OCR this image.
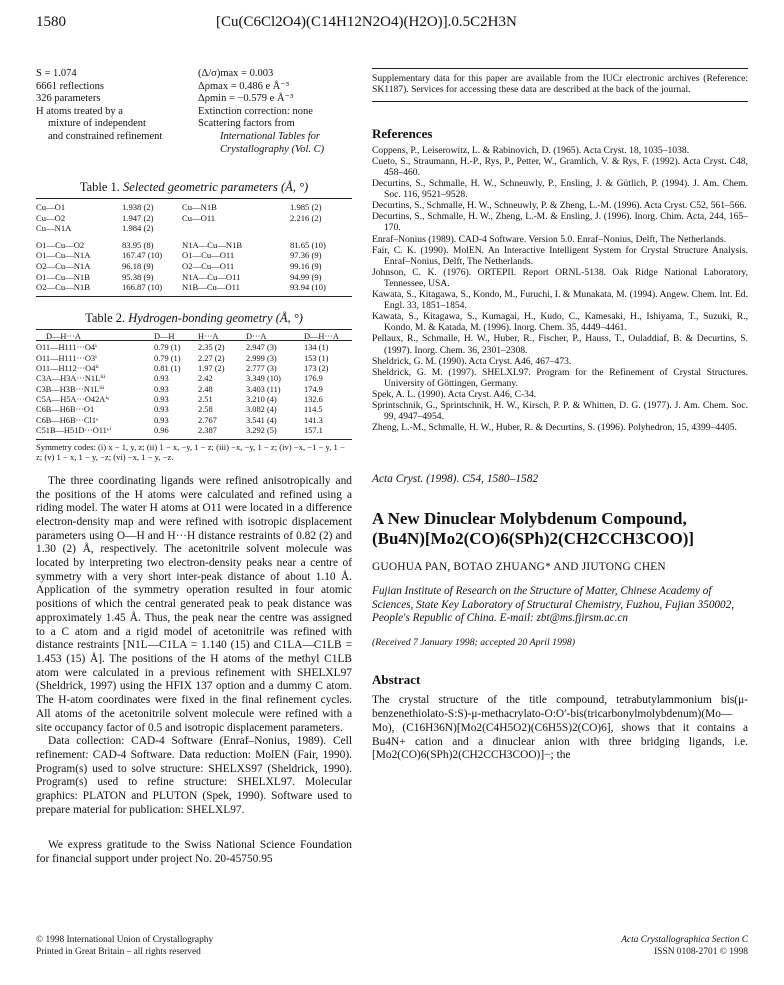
1580	[Cu(C6Cl2O4)(C14H12N2O4)(H2O)].0.5C2H3N
S = 1.074
6661 reflections
326 parameters
H atoms treated by a
mixture of independent
and constrained refinement
(Δ/σ)max = 0.003
Δρmax = 0.486 e Å⁻³
Δρmin = −0.579 e Å⁻³
Extinction correction: none
Scattering factors from
International Tables for
Crystallography (Vol. C)
Table 1. Selected geometric parameters (Å, °)
Cu—O1	1.938 (2)	Cu—N1B	1.985 (2)
Cu—O2	1.947 (2)	Cu—O11	2.216 (2)
Cu—N1A	1.984 (2)
O1—Cu—O2	83.95 (8)	N1A—Cu—N1B	81.65 (10)
O1—Cu—N1A	167.47 (10)	O1—Cu—O11	97.36 (9)
O2—Cu—N1A	96.18 (9)	O2—Cu—O11	99.16 (9)
O1—Cu—N1B	95.38 (9)	N1A—Cu—O11	94.99 (9)
O2—Cu—N1B	166.87 (10)	N1B—Cu—O11	93.94 (10)
Table 2. Hydrogen-bonding geometry (Å, °)
D—H···A	D—H	H···A	D···A	D—H···A
O11—H111···O4ⁱ	0.79 (1)	2.35 (2)	2.947 (3)	134 (1)
O11—H111···O3ⁱ	0.79 (1)	2.27 (2)	2.999 (3)	153 (1)
O11—H112···O4ⁱⁱ	0.81 (1)	1.97 (2)	2.777 (3)	173 (2)
C3A—H3A···N1Lⁱⁱⁱ	0.93	2.42	3.349 (10)	176.9
C3B—H3B···N1Lⁱⁱⁱ	0.93	2.48	3.403 (11)	174.9
C5A—H5A···O42Aⁱᵛ	0.93	2.51	3.210 (4)	132.6
C6B—H6B···O1	0.93	2.58	3.082 (4)	114.5
C6B—H6B···Cl1ᵛ	0.93	2.767	3.541 (4)	141.3
C51B—H51D···O11ᵛⁱ	0.96	2.387	3.292 (5)	157.1
Symmetry codes: (i) x − 1, y, z; (ii) 1 − x, −y, 1 − z; (iii) −x, −y, 1 − z; (iv) −x, −1 − y, 1 − z; (v) 1 − x, 1 − y, −z; (vi) −x, 1 − y, −z.

The three coordinating ligands were refined anisotropically and the positions of the H atoms were calculated and refined using a riding model. The water H atoms at O11 were located in a difference electron-density map and were refined with isotropic displacement parameters using O—H and H···H distance restraints of 0.82 (2) and 1.30 (2) Å, respectively. The acetonitrile solvent molecule was located by interpreting two electron-density peaks near a centre of symmetry with a very short inter-peak distance of about 1.10 Å. Application of the symmetry operation resulted in four atomic positions of which the central generated peak to peak distance was approximately 1.45 Å. Thus, the peak near the centre was assigned to a C atom and a rigid model of acetonitrile was refined with distance restraints [N1L—C1LA = 1.140 (15) and C1LA—C1LB = 1.453 (15) Å]. The positions of the H atoms of the methyl C1LB atom were calculated in a previous refinement with SHELXL97 (Sheldrick, 1997) using the HFIX 137 option and a dummy C atom. The H-atom coordinates were fixed in the final refinement cycles. All atoms of the acetonitrile solvent molecule were refined with a site occupancy factor of 0.5 and isotropic displacement parameters.

Data collection: CAD-4 Software (Enraf–Nonius, 1989). Cell refinement: CAD-4 Software. Data reduction: MolEN (Fair, 1990). Program(s) used to solve structure: SHELXS97 (Sheldrick, 1990). Program(s) used to refine structure: SHELXL97. Molecular graphics: PLATON and PLUTON (Spek, 1990). Software used to prepare material for publication: SHELXL97.

We express gratitude to the Swiss National Science Foundation for financial support under project No. 20-45750.95
Supplementary data for this paper are available from the IUCr electronic archives (Reference: SK1187). Services for accessing these data are described at the back of the journal.
References
Coppens, P., Leiserowitz, L. & Rabinovich, D. (1965). Acta Cryst. 18, 1035–1038.
Cueto, S., Straumann, H.-P., Rys, P., Petter, W., Gramlich, V. & Rys, F. (1992). Acta Cryst. C48, 458–460.
Decurtins, S., Schmalle, H. W., Schneuwly, P., Ensling, J. & Gütlich, P. (1994). J. Am. Chem. Soc. 116, 9521–9528.
Decurtins, S., Schmalle, H. W., Schneuwly, P. & Zheng, L.-M. (1996). Acta Cryst. C52, 561–566.
Decurtins, S., Schmalle, H. W., Zheng, L.-M. & Ensling, J. (1996). Inorg. Chim. Acta, 244, 165–170.
Enraf–Nonius (1989). CAD-4 Software. Version 5.0. Enraf–Nonius, Delft, The Netherlands.
Fair, C. K. (1990). MolEN. An Interactive Intelligent System for Crystal Structure Analysis. Enraf–Nonius, Delft, The Netherlands.
Johnson, C. K. (1976). ORTEPII. Report ORNL-5138. Oak Ridge National Laboratory, Tennessee, USA.
Kawata, S., Kitagawa, S., Kondo, M., Furuchi, I. & Munakata, M. (1994). Angew. Chem. Int. Ed. Engl. 33, 1851–1854.
Kawata, S., Kitagawa, S., Kumagai, H., Kudo, C., Kamesaki, H., Ishiyama, T., Suzuki, R., Kondo, M. & Katada, M. (1996). Inorg. Chem. 35, 4449–4461.
Pellaux, R., Schmalle, H. W., Huber, R., Fischer, P., Hauss, T., Ouladdiaf, B. & Decurtins, S. (1997). Inorg. Chem. 36, 2301–2308.
Sheldrick, G. M. (1990). Acta Cryst. A46, 467–473.
Sheldrick, G. M. (1997). SHELXL97. Program for the Refinement of Crystal Structures. University of Göttingen, Germany.
Spek, A. L. (1990). Acta Cryst. A46, C-34.
Sprintschnik, G., Sprintschnik, H. W., Kirsch, P. P. & Whitten, D. G. (1977). J. Am. Chem. Soc. 99, 4947–4954.
Zheng, L.-M., Schmalle, H. W., Huber, R. & Decurtins, S. (1996). Polyhedron, 15, 4399–4405.
Acta Cryst. (1998). C54, 1580–1582
A New Dinuclear Molybdenum Compound,
(Bu4N)[Mo2(CO)6(SPh)2(CH2CCH3COO)]
GUOHUA PAN, BOTAO ZHUANG* AND JIUTONG CHEN
Fujian Institute of Research on the Structure of Matter, Chinese Academy of Sciences, State Key Laboratory of Structural Chemistry, Fuzhou, Fujian 350002, People's Republic of China. E-mail: zbt@ms.fjirsm.ac.cn
(Received 7 January 1998; accepted 20 April 1998)
Abstract
The crystal structure of the title compound, tetrabutylammonium bis(μ-benzenethiolato-S:S)-μ-methacrylato-O:O′-bis(tricarbonylmolybdenum)(Mo—Mo), (C16H36N)[Mo2(C4H5O2)(C6H5S)2(CO)6], shows that it contains a Bu4N+ cation and a dinuclear anion with three bridging ligands, i.e. [Mo2(CO)6(SPh)2(CH2CCH3COO)]−; the
© 1998 International Union of Crystallography
Printed in Great Britain – all rights reserved
Acta Crystallographica Section C
ISSN 0108-2701 © 1998
